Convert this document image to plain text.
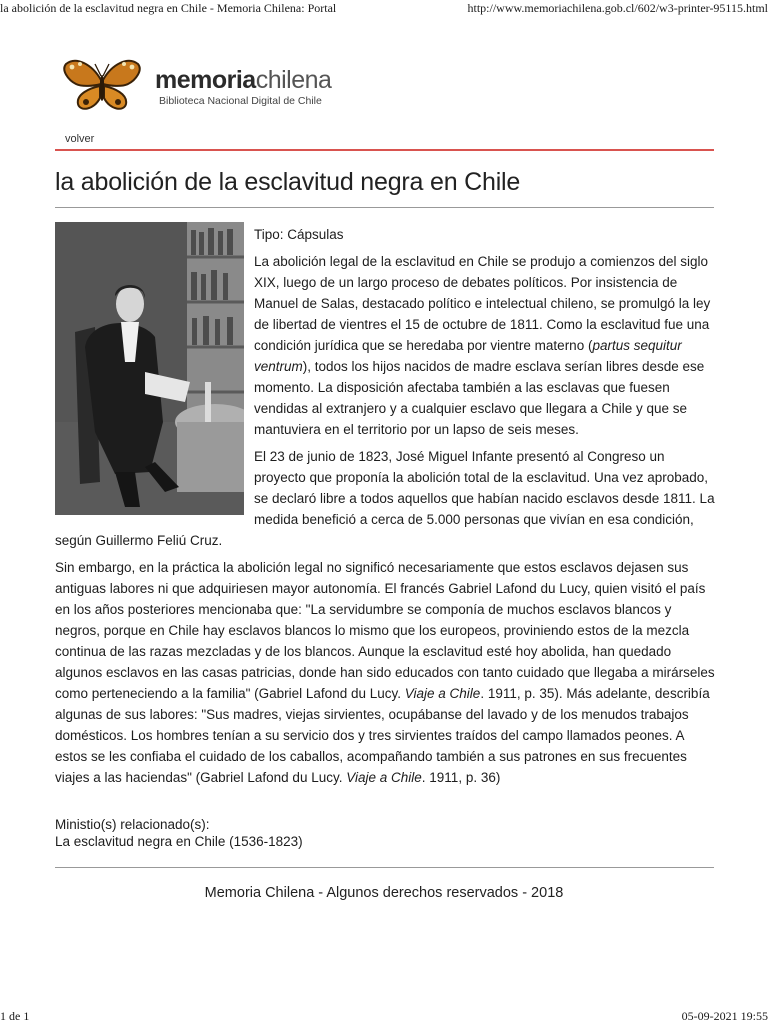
la abolición de la esclavitud negra en Chile - Memoria Chilena: Portal	http://www.memoriachilena.gob.cl/602/w3-printer-95115.html
memoriachilena
Biblioteca Nacional Digital de Chile
volver
la abolición de la esclavitud negra en Chile

Tipo: Cápsulas

La abolición legal de la esclavitud en Chile se produjo a comienzos del siglo XIX, luego de un largo proceso de debates políticos. Por insistencia de Manuel de Salas, destacado político e intelectual chileno, se promulgó la ley de libertad de vientres el 15 de octubre de 1811. Como la esclavitud fue una condición jurídica que se heredaba por vientre materno (partus sequitur ventrum), todos los hijos nacidos de madre esclava serían libres desde ese momento. La disposición afectaba también a las esclavas que fuesen vendidas al extranjero y a cualquier esclavo que llegara a Chile y que se mantuviera en el territorio por un lapso de seis meses.

El 23 de junio de 1823, José Miguel Infante presentó al Congreso un proyecto que proponía la abolición total de la esclavitud. Una vez aprobado, se declaró libre a todos aquellos que habían nacido esclavos desde 1811. La medida benefició a cerca de 5.000 personas que vivían en esa condición, según Guillermo Feliú Cruz.

Sin embargo, en la práctica la abolición legal no significó necesariamente que estos esclavos dejasen sus antiguas labores ni que adquiriesen mayor autonomía. El francés Gabriel Lafond du Lucy, quien visitó el país en los años posteriores mencionaba que: "La servidumbre se componía de muchos esclavos blancos y negros, porque en Chile hay esclavos blancos lo mismo que los europeos, proviniendo estos de la mezcla continua de las razas mezcladas y de los blancos. Aunque la esclavitud esté hoy abolida, han quedado algunos esclavos en las casas patricias, donde han sido educados con tanto cuidado que llegaba a mirárseles como perteneciendo a la familia" (Gabriel Lafond du Lucy. Viaje a Chile. 1911, p. 35). Más adelante, describía algunas de sus labores: "Sus madres, viejas sirvientes, ocupábanse del lavado y de los menudos trabajos domésticos. Los hombres tenían a su servicio dos y tres sirvientes traídos del campo llamados peones. A estos se les confiaba el cuidado de los caballos, acompañando también a sus patrones en sus frecuentes viajes a las haciendas" (Gabriel Lafond du Lucy. Viaje a Chile. 1911, p. 36)

Ministio(s) relacionado(s):
La esclavitud negra en Chile (1536-1823)
Memoria Chilena - Algunos derechos reservados - 2018
1 de 1	05-09-2021 19:55
